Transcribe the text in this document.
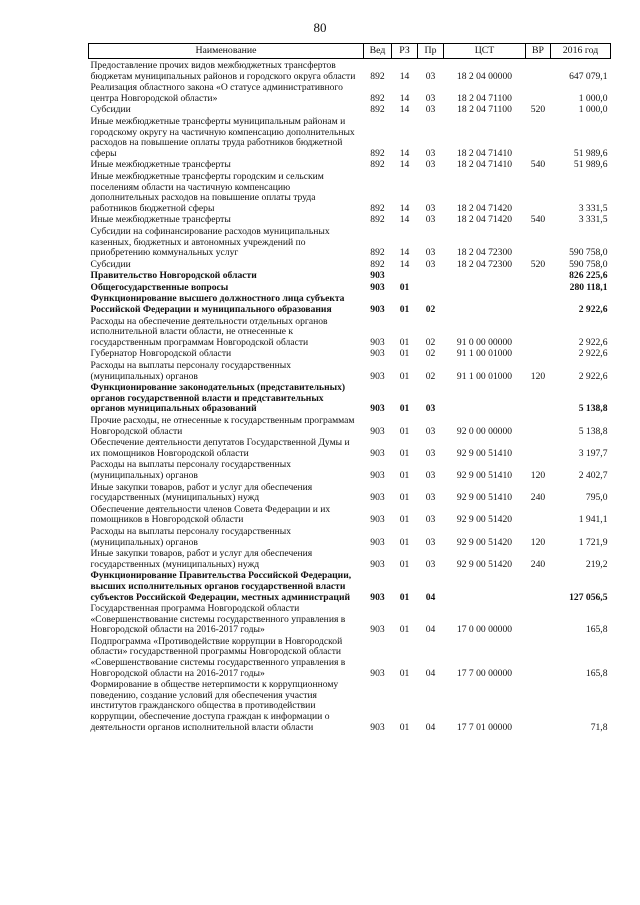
80
Наименование	Вед	РЗ	Пр	ЦСТ	ВР	2016 год
Предоставление прочих видов межбюджетных трансфертов бюджетам муниципальных районов и городского округа области	892	14	03	18 2 04 00000		647 079,1
Реализация областного закона «О статусе административного центра Новгородской области»	892	14	03	18 2 04 71100		1 000,0
Субсидии	892	14	03	18 2 04 71100	520	1 000,0
Иные межбюджетные трансферты муниципальным районам и городскому округу на частичную компенсацию дополнительных расходов на повышение оплаты труда работников бюджетной сферы	892	14	03	18 2 04 71410		51 989,6
Иные межбюджетные трансферты	892	14	03	18 2 04 71410	540	51 989,6
Иные межбюджетные трансферты городским и сельским поселениям области на частичную компенсацию дополнительных расходов на повышение оплаты труда работников бюджетной сферы	892	14	03	18 2 04 71420		3 331,5
Иные межбюджетные трансферты	892	14	03	18 2 04 71420	540	3 331,5
Субсидии на софинансирование расходов муниципальных казенных, бюджетных и автономных учреждений по приобретению коммунальных услуг	892	14	03	18 2 04 72300		590 758,0
Субсидии	892	14	03	18 2 04 72300	520	590 758,0
Правительство Новгородской области	903					826 225,6
Общегосударственные вопросы	903	01				280 118,1
Функционирование высшего должностного лица субъекта Российской Федерации и муниципального образования	903	01	02			2 922,6
Расходы на обеспечение деятельности отдельных органов исполнительной власти области, не отнесенные к государственным программам Новгородской области	903	01	02	91 0 00 00000		2 922,6
Губернатор Новгородской области	903	01	02	91 1 00 01000		2 922,6
Расходы на выплаты персоналу государственных (муниципальных) органов	903	01	02	91 1 00 01000	120	2 922,6
Функционирование законодательных (представительных) органов государственной власти и представительных органов муниципальных образований	903	01	03			5 138,8
Прочие расходы, не отнесенные к государственным программам Новгородской области	903	01	03	92 0 00 00000		5 138,8
Обеспечение деятельности депутатов Государственной Думы и их помощников Новгородской области	903	01	03	92 9 00 51410		3 197,7
Расходы на выплаты персоналу государственных (муниципальных) органов	903	01	03	92 9 00 51410	120	2 402,7
Иные закупки товаров, работ и услуг для обеспечения государственных (муниципальных) нужд	903	01	03	92 9 00 51410	240	795,0
Обеспечение деятельности членов Совета Федерации и их помощников в Новгородской области	903	01	03	92 9 00 51420		1 941,1
Расходы на выплаты персоналу государственных (муниципальных) органов	903	01	03	92 9 00 51420	120	1 721,9
Иные закупки товаров, работ и услуг для обеспечения государственных (муниципальных) нужд	903	01	03	92 9 00 51420	240	219,2
Функционирование Правительства Российской Федерации, высших исполнительных органов государственной власти субъектов Российской Федерации, местных администраций	903	01	04			127 056,5
Государственная программа Новгородской области «Совершенствование системы государственного управления в Новгородской области на 2016-2017 годы»	903	01	04	17 0 00 00000		165,8
Подпрограмма «Противодействие коррупции в Новгородской области» государственной программы Новгородской области «Совершенствование системы государственного управления в Новгородской области на 2016-2017 годы»	903	01	04	17 7 00 00000		165,8
Формирование в обществе нетерпимости к коррупционному поведению, создание условий для обеспечения участия институтов гражданского общества в противодействии коррупции, обеспечение доступа граждан к информации о деятельности органов исполнительной власти области	903	01	04	17 7 01 00000		71,8
